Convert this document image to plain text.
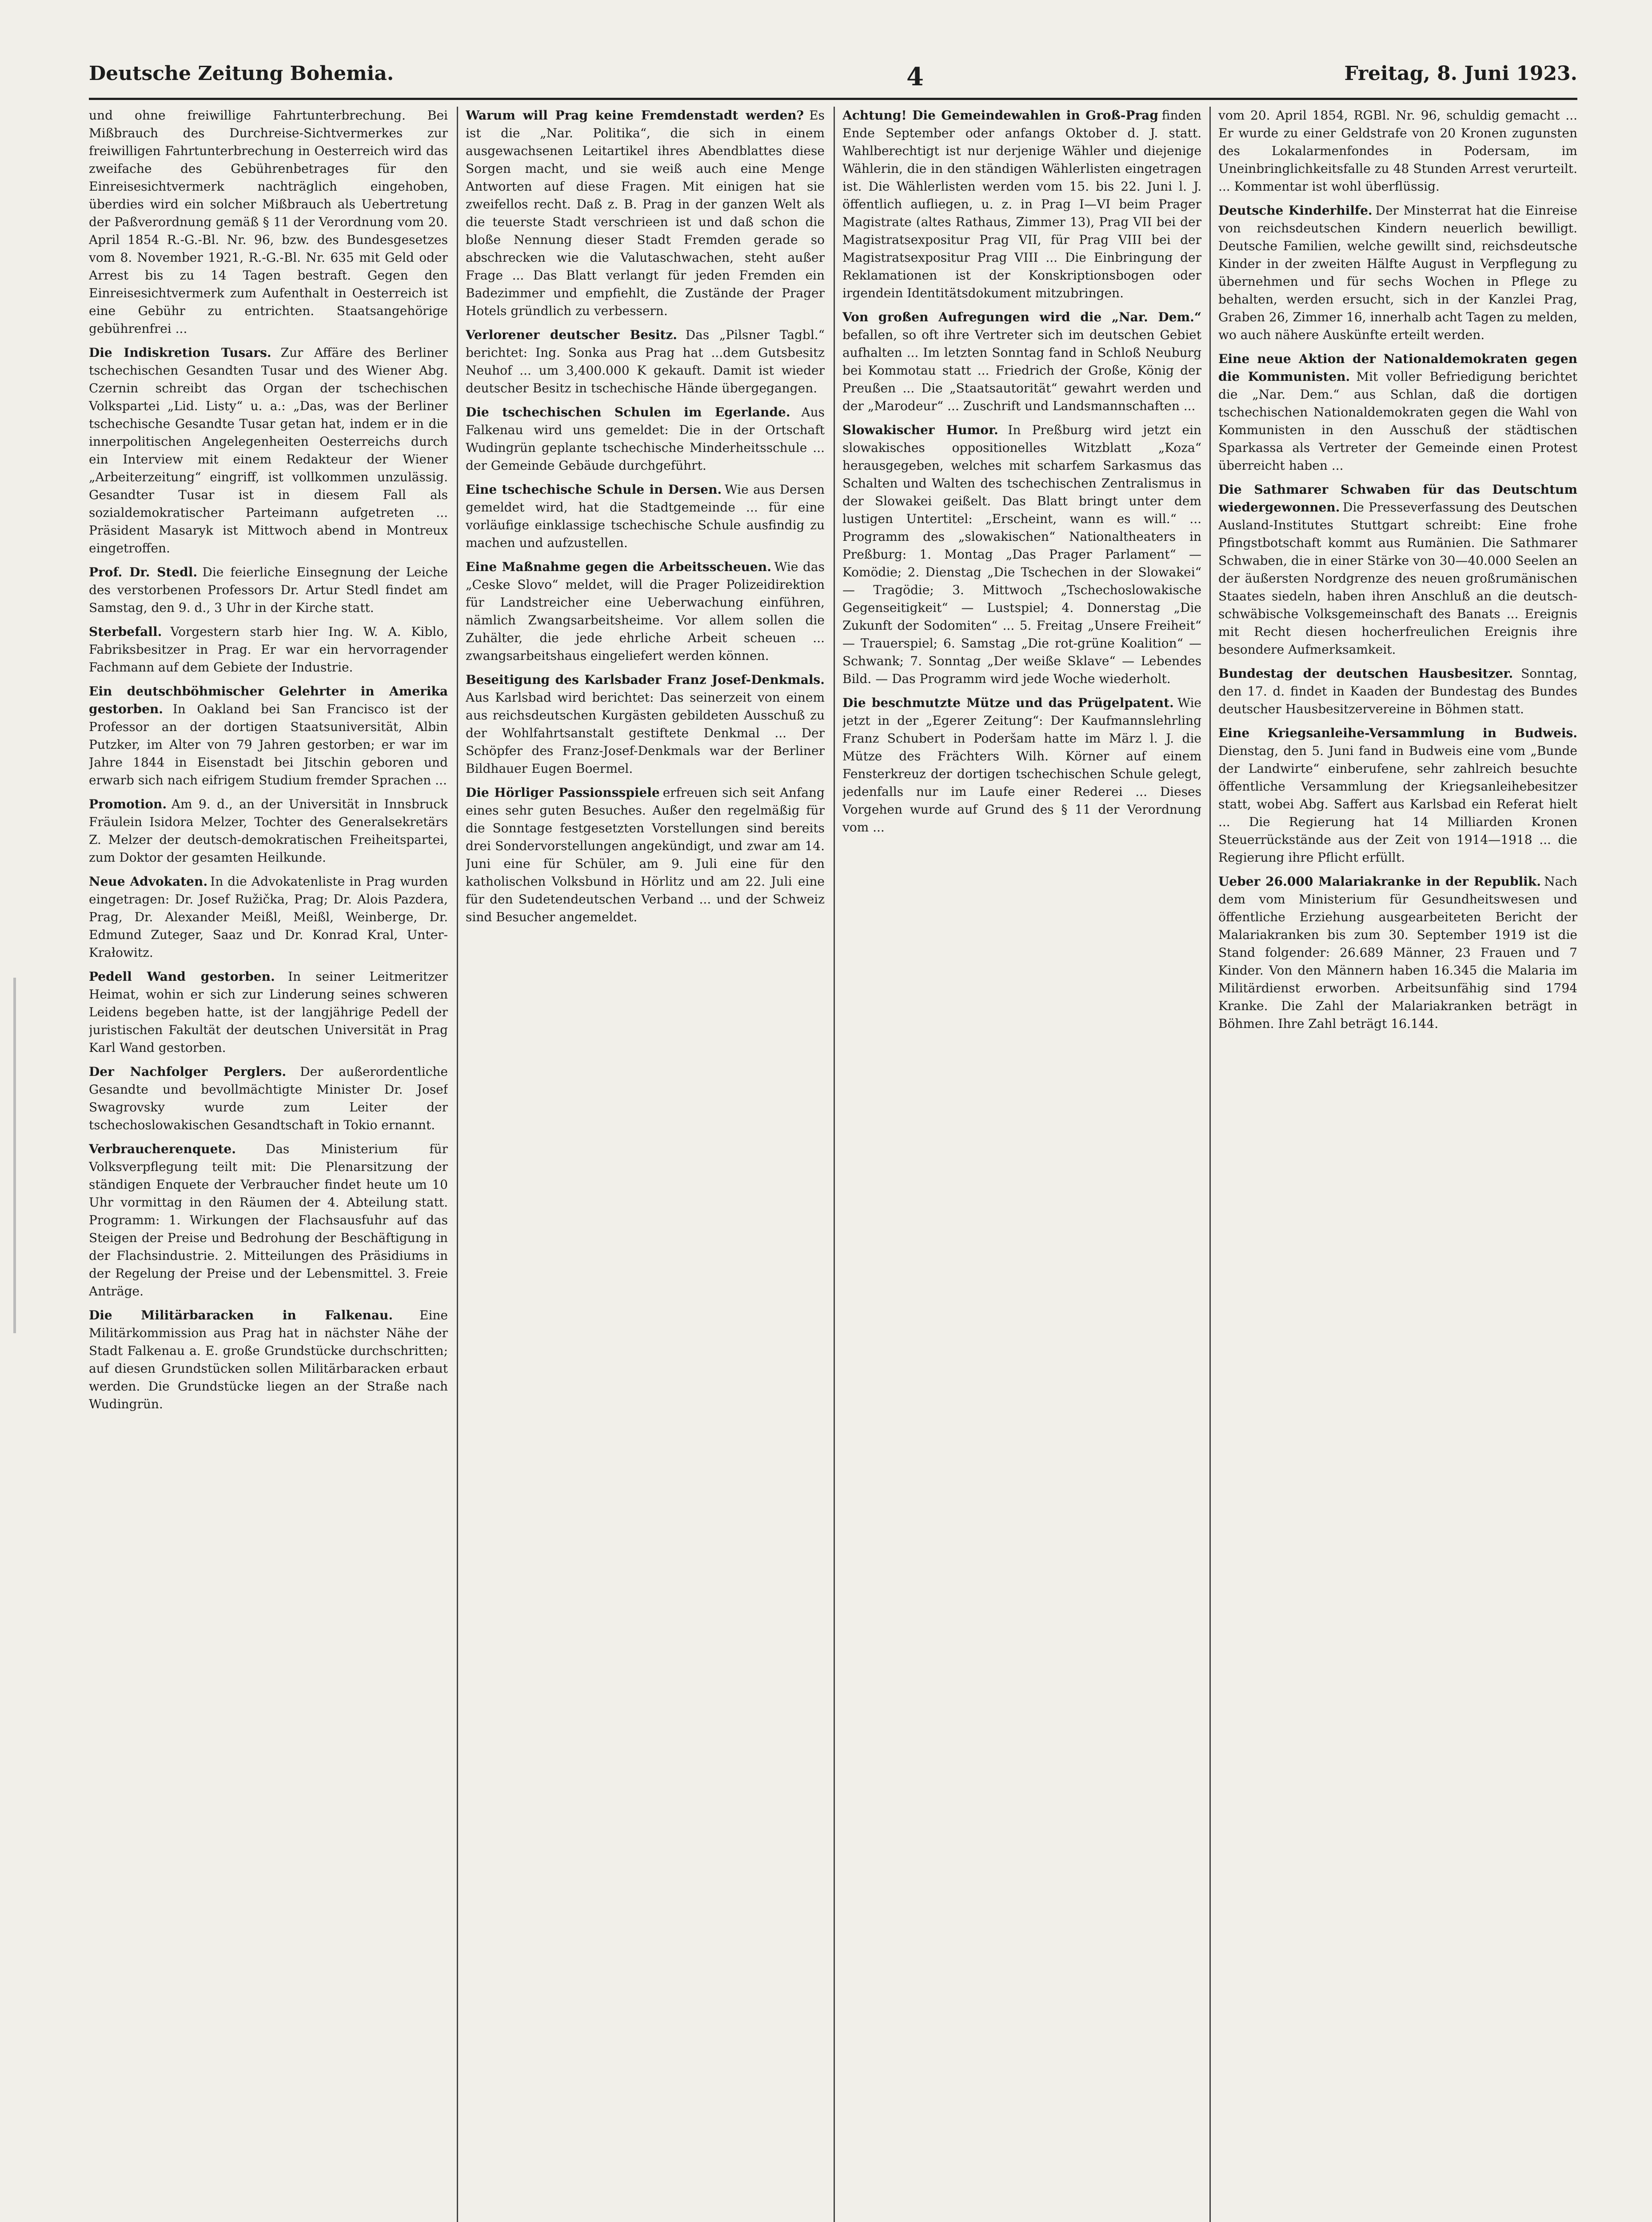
Deutsche Zeitung Bohemia.	4	Freitag, 8. Juni 1923.
und ohne freiwillige Fahrtunterbrechung. Bei Mißbrauch des Durchreise-Sichtvermerkes zur freiwilligen Fahrtunterbrechung in Oesterreich wird das zweifache des Gebührenbetrages für den Einreisesichtvermerk nachträglich eingehoben, überdies wird ein solcher Mißbrauch als Uebertretung der Paßverordnung gemäß § 11 der Verordnung vom 20. April 1854 R.-G.-Bl. Nr. 96, bzw. des Bundesgesetzes vom 8. November 1921, R.-G.-Bl. Nr. 635 mit Geld oder Arrest bis zu 14 Tagen bestraft. Gegen den Einreisesichtvermerk zum Aufenthalt in Oesterreich ist eine Gebühr zu entrichten. Staatsangehörige gebührenfrei ...
Die Indiskretion Tusars. Zur Affäre des Berliner tschechischen Gesandten Tusar und des Wiener Abg. Czernin schreibt das Organ der tschechischen Volkspartei „Lid. Listy“ u. a.: „Das, was der Berliner tschechische Gesandte Tusar getan hat, indem er in die innerpolitischen Angelegenheiten Oesterreichs durch ein Interview mit einem Redakteur der Wiener „Arbeiterzeitung“ eingriff, ist vollkommen unzulässig. Gesandter Tusar ist in diesem Fall als sozialdemokratischer Parteimann aufgetreten ... Präsident Masaryk ist Mittwoch abend in Montreux eingetroffen.
Prof. Dr. Stedl. Die feierliche Einsegnung der Leiche des verstorbenen Professors Dr. Artur Stedl findet am Samstag, den 9. d., 3 Uhr in der Kirche statt.
Sterbefall. Vorgestern starb hier Ing. W. A. Kiblo, Fabriksbesitzer in Prag. Er war ein hervorragender Fachmann auf dem Gebiete der Industrie.
Ein deutschböhmischer Gelehrter in Amerika gestorben. In Oakland bei San Francisco ist der Professor an der dortigen Staatsuniversität, Albin Putzker, im Alter von 79 Jahren gestorben; er war im Jahre 1844 in Eisenstadt bei Jitschin geboren und erwarb sich nach eifrigem Studium fremder Sprachen ...
Promotion. Am 9. d., an der Universität in Innsbruck Fräulein Isidora Melzer, Tochter des Generalsekretärs Z. Melzer der deutsch-demokratischen Freiheitspartei, zum Doktor der gesamten Heilkunde.
Neue Advokaten. In die Advokatenliste in Prag wurden eingetragen: Dr. Josef Ružička, Prag; Dr. Alois Pazdera, Prag, Dr. Alexander Meißl, Meißl, Weinberge, Dr. Edmund Zuteger, Saaz und Dr. Konrad Kral, Unter-Krałowitz.
Pedell Wand gestorben. In seiner Leitmeritzer Heimat, wohin er sich zur Linderung seines schweren Leidens begeben hatte, ist der langjährige Pedell der juristischen Fakultät der deutschen Universität in Prag Karl Wand gestorben.
Der Nachfolger Perglers. Der außerordentliche Gesandte und bevollmächtigte Minister Dr. Josef Swagrovsky wurde zum Leiter der tschechoslowakischen Gesandtschaft in Tokio ernannt.
Verbraucherenquete. Das Ministerium für Volksverpflegung teilt mit: Die Plenarsitzung der ständigen Enquete der Verbraucher findet heute um 10 Uhr vormittag in den Räumen der 4. Abteilung statt. Programm: 1. Wirkungen der Flachsausfuhr auf das Steigen der Preise und Bedrohung der Beschäftigung in der Flachsindustrie. 2. Mitteilungen des Präsidiums in der Regelung der Preise und der Lebensmittel. 3. Freie Anträge.
Die Militärbaracken in Falkenau. Eine Militärkommission aus Prag hat in nächster Nähe der Stadt Falkenau a. E. große Grundstücke durchschritten; auf diesen Grundstücken sollen Militärbaracken erbaut werden. Die Grundstücke liegen an der Straße nach Wudingrün.
Warum will Prag keine Fremdenstadt werden? Es ist die „Nar. Politika“, die sich in einem ausgewachsenen Leitartikel ihres Abendblattes diese Sorgen macht, und sie weiß auch eine Menge Antworten auf diese Fragen. Mit einigen hat sie zweifellos recht. Daß z. B. Prag in der ganzen Welt als die teuerste Stadt verschrieen ist und daß schon die bloße Nennung dieser Stadt Fremden gerade so abschrecken wie die Valutaschwachen, steht außer Frage ... Das Blatt verlangt für jeden Fremden ein Badezimmer und empfiehlt, die Zustände der Prager Hotels gründlich zu verbessern.
Verlorener deutscher Besitz. Das „Pilsner Tagbl.“ berichtet: Ing. Sonka aus Prag hat ...dem Gutsbesitz Neuhof ... um 3,400.000 K gekauft. Damit ist wieder deutscher Besitz in tschechische Hände übergegangen.
Die tschechischen Schulen im Egerlande. Aus Falkenau wird uns gemeldet: Die in der Ortschaft Wudingrün geplante tschechische Minderheitsschule ... der Gemeinde Gebäude durchgeführt.
Eine tschechische Schule in Dersen. Wie aus Dersen gemeldet wird, hat die Stadtgemeinde ... für eine vorläufige einklassige tschechische Schule ausfindig zu machen und aufzustellen.
Eine Maßnahme gegen die Arbeitsscheuen. Wie das „Ceske Slovo“ meldet, will die Prager Polizeidirektion für Landstreicher eine Ueberwachung einführen, nämlich Zwangsarbeitsheime. Vor allem sollen die Zuhälter, die jede ehrliche Arbeit scheuen ... zwangsarbeitshaus eingeliefert werden können.
Beseitigung des Karlsbader Franz Josef-Denkmals. Aus Karlsbad wird berichtet: Das seinerzeit von einem aus reichsdeutschen Kurgästen gebildeten Ausschuß zu der Wohlfahrtsanstalt gestiftete Denkmal ... Der Schöpfer des Franz-Josef-Denkmals war der Berliner Bildhauer Eugen Boermel.
Die Hörliger Passionsspiele erfreuen sich seit Anfang eines sehr guten Besuches. Außer den regelmäßig für die Sonntage festgesetzten Vorstellungen sind bereits drei Sondervorstellungen angekündigt, und zwar am 14. Juni eine für Schüler, am 9. Juli eine für den katholischen Volksbund in Hörlitz und am 22. Juli eine für den Sudetendeutschen Verband ... und der Schweiz sind Besucher angemeldet.
Achtung! Die Gemeindewahlen in Groß-Prag finden Ende September oder anfangs Oktober d. J. statt. Wahlberechtigt ist nur derjenige Wähler und diejenige Wählerin, die in den ständigen Wählerlisten eingetragen ist. Die Wählerlisten werden vom 15. bis 22. Juni l. J. öffentlich aufliegen, u. z. in Prag I—VI beim Prager Magistrate (altes Rathaus, Zimmer 13), Prag VII bei der Magistratsexpositur Prag VII, für Prag VIII bei der Magistratsexpositur Prag VIII ... Die Einbringung der Reklamationen ist der Konskriptionsbogen oder irgendein Identitätsdokument mitzubringen.
Von großen Aufregungen wird die „Nar. Dem.“ befallen, so oft ihre Vertreter sich im deutschen Gebiet aufhalten ... Im letzten Sonntag fand in Schloß Neuburg bei Kommotau statt ... Friedrich der Große, König der Preußen ... Die „Staatsautorität“ gewahrt werden und der „Marodeur“ ... Zuschrift und Landsmannschaften ...
Slowakischer Humor. In Preßburg wird jetzt ein slowakisches oppositionelles Witzblatt „Koza“ herausgegeben, welches mit scharfem Sarkasmus das Schalten und Walten des tschechischen Zentralismus in der Slowakei geißelt. Das Blatt bringt unter dem lustigen Untertitel: „Erscheint, wann es will.“ ... Programm des „slowakischen“ Nationaltheaters in Preßburg: 1. Montag „Das Prager Parlament“ — Komödie; 2. Dienstag „Die Tschechen in der Slowakei“ — Tragödie; 3. Mittwoch „Tschechoslowakische Gegenseitigkeit“ — Lustspiel; 4. Donnerstag „Die Zukunft der Sodomiten“ ... 5. Freitag „Unsere Freiheit“ — Trauerspiel; 6. Samstag „Die rot-grüne Koalition“ — Schwank; 7. Sonntag „Der weiße Sklave“ — Lebendes Bild. — Das Programm wird jede Woche wiederholt.
Die beschmutzte Mütze und das Prügelpatent. Wie jetzt in der „Egerer Zeitung“: Der Kaufmannslehrling Franz Schubert in Poderšam hatte im März l. J. die Mütze des Frächters Wilh. Körner auf einem Fensterkreuz der dortigen tschechischen Schule gelegt, jedenfalls nur im Laufe einer Rederei ... Dieses Vorgehen wurde auf Grund des § 11 der Verordnung vom ...
vom 20. April 1854, RGBl. Nr. 96, schuldig gemacht ... Er wurde zu einer Geldstrafe von 20 Kronen zugunsten des Lokalarmenfondes in Podersam, im Uneinbringlichkeitsfalle zu 48 Stunden Arrest verurteilt. ... Kommentar ist wohl überflüssig.
Deutsche Kinderhilfe. Der Minsterrat hat die Einreise von reichsdeutschen Kindern neuerlich bewilligt. Deutsche Familien, welche gewillt sind, reichsdeutsche Kinder in der zweiten Hälfte August in Verpflegung zu übernehmen und für sechs Wochen in Pflege zu behalten, werden ersucht, sich in der Kanzlei Prag, Graben 26, Zimmer 16, innerhalb acht Tagen zu melden, wo auch nähere Auskünfte erteilt werden.
Eine neue Aktion der Nationaldemokraten gegen die Kommunisten. Mit voller Befriedigung berichtet die „Nar. Dem.“ aus Schlan, daß die dortigen tschechischen Nationaldemokraten gegen die Wahl von Kommunisten in den Ausschuß der städtischen Sparkassa als Vertreter der Gemeinde einen Protest überreicht haben ...
Die Sathmarer Schwaben für das Deutschtum wiedergewonnen. Die Presseverfassung des Deutschen Ausland-Institutes Stuttgart schreibt: Eine frohe Pfingstbotschaft kommt aus Rumänien. Die Sathmarer Schwaben, die in einer Stärke von 30—40.000 Seelen an der äußersten Nordgrenze des neuen großrumänischen Staates siedeln, haben ihren Anschluß an die deutsch-schwäbische Volksgemeinschaft des Banats ... Ereignis mit Recht diesen hocherfreulichen Ereignis ihre besondere Aufmerksamkeit.
Bundestag der deutschen Hausbesitzer. Sonntag, den 17. d. findet in Kaaden der Bundestag des Bundes deutscher Hausbesitzervereine in Böhmen statt.
Eine Kriegsanleihe-Versammlung in Budweis. Dienstag, den 5. Juni fand in Budweis eine vom „Bunde der Landwirte“ einberufene, sehr zahlreich besuchte öffentliche Versammlung der Kriegsanleihebesitzer statt, wobei Abg. Saffert aus Karlsbad ein Referat hielt ... Die Regierung hat 14 Milliarden Kronen Steuerrückstände aus der Zeit von 1914—1918 ... die Regierung ihre Pflicht erfüllt.
Ueber 26.000 Malariakranke in der Republik. Nach dem vom Ministerium für Gesundheitswesen und öffentliche Erziehung ausgearbeiteten Bericht der Malariakranken bis zum 30. September 1919 ist die Stand folgender: 26.689 Männer, 23 Frauen und 7 Kinder. Von den Männern haben 16.345 die Malaria im Militärdienst erworben. Arbeitsunfähig sind 1794 Kranke. Die Zahl der Malariakranken beträgt in Böhmen. Ihre Zahl beträgt 16.144.
